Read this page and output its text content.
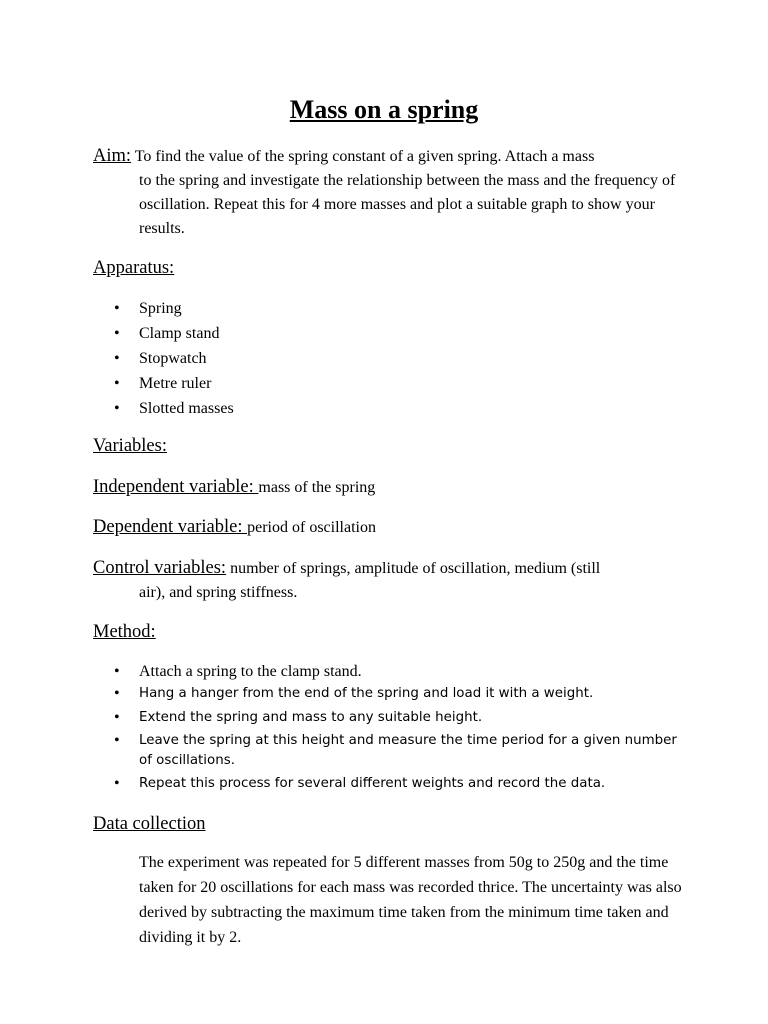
Mass on a spring
Aim: To find the value of the spring constant of a given spring. Attach a mass
to the spring and investigate the relationship between the mass and the frequency of oscillation. Repeat this for 4 more masses and plot a suitable graph to show your results.
Apparatus:
• Spring
• Clamp stand
• Stopwatch
• Metre ruler
• Slotted masses
Variables:
Independent variable: mass of the spring
Dependent variable: period of oscillation
Control variables: number of springs, amplitude of oscillation, medium (still
air), and spring stiffness.
Method:
• Attach a spring to the clamp stand.
• Hang a hanger from the end of the spring and load it with a weight.
• Extend the spring and mass to any suitable height.
• Leave the spring at this height and measure the time period for a given number of oscillations.
• Repeat this process for several different weights and record the data.
Data collection
The experiment was repeated for 5 different masses from 50g to 250g and the time taken for 20 oscillations for each mass was recorded thrice. The uncertainty was also derived by subtracting the maximum time taken from the minimum time taken and dividing it by 2.
